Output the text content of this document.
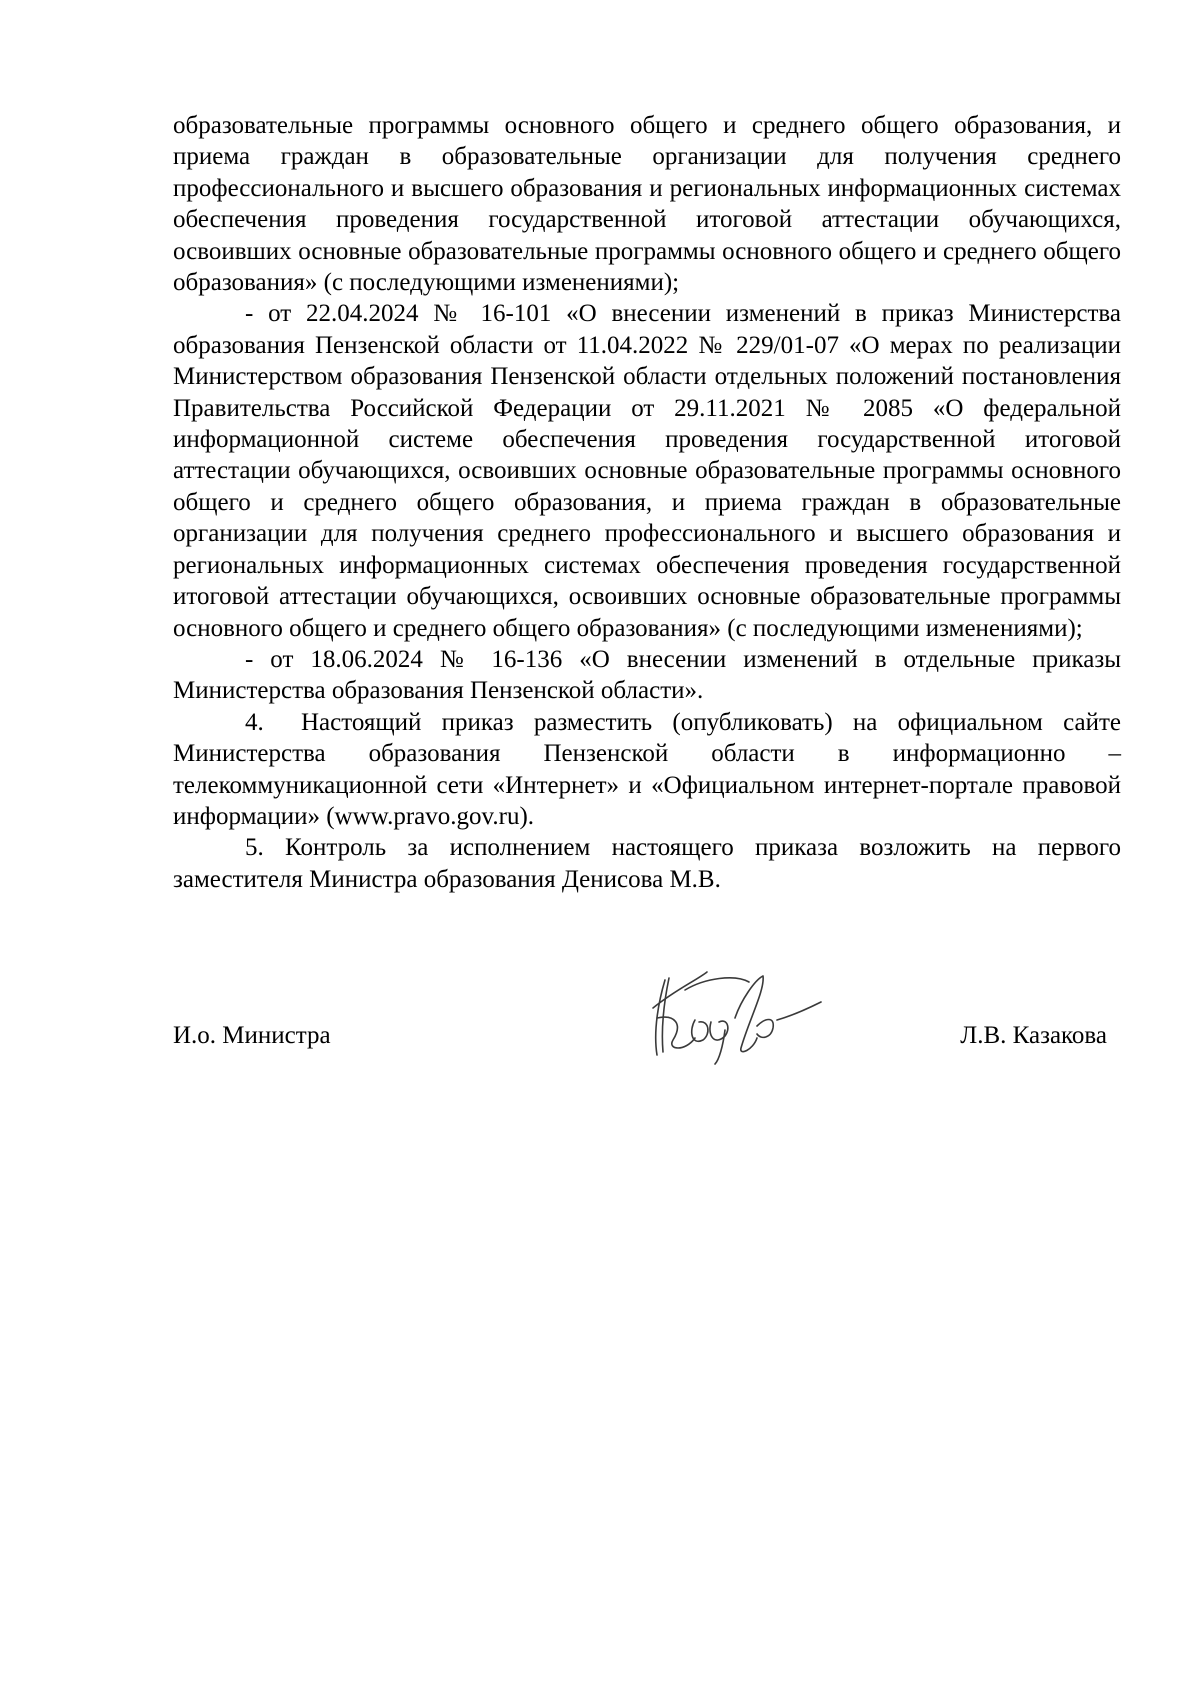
образовательные программы основного общего и среднего общего образования, и приема граждан в образовательные организации для получения среднего профессионального и высшего образования и региональных информационных системах обеспечения проведения государственной итоговой аттестации обучающихся, освоивших основные образовательные программы основного общего и среднего общего образования» (с последующими изменениями);

- от 22.04.2024 № 16-101 «О внесении изменений в приказ Министерства образования Пензенской области от 11.04.2022 № 229/01-07 «О мерах по реализации Министерством образования Пензенской области отдельных положений постановления Правительства Российской Федерации от 29.11.2021 № 2085 «О федеральной информационной системе обеспечения проведения государственной итоговой аттестации обучающихся, освоивших основные образовательные программы основного общего и среднего общего образования, и приема граждан в образовательные организации для получения среднего профессионального и высшего образования и региональных информационных системах обеспечения проведения государственной итоговой аттестации обучающихся, освоивших основные образовательные программы основного общего и среднего общего образования» (с последующими изменениями);

- от 18.06.2024 № 16-136 «О внесении изменений в отдельные приказы Министерства образования Пензенской области».

4. Настоящий приказ разместить (опубликовать) на официальном сайте Министерства образования Пензенской области в информационно – телекоммуникационной сети «Интернет» и «Официальном интернет-портале правовой информации» (www.pravo.gov.ru).

5. Контроль за исполнением настоящего приказа возложить на первого заместителя Министра образования Денисова М.В.

И.о. Министра	Л.В. Казакова
